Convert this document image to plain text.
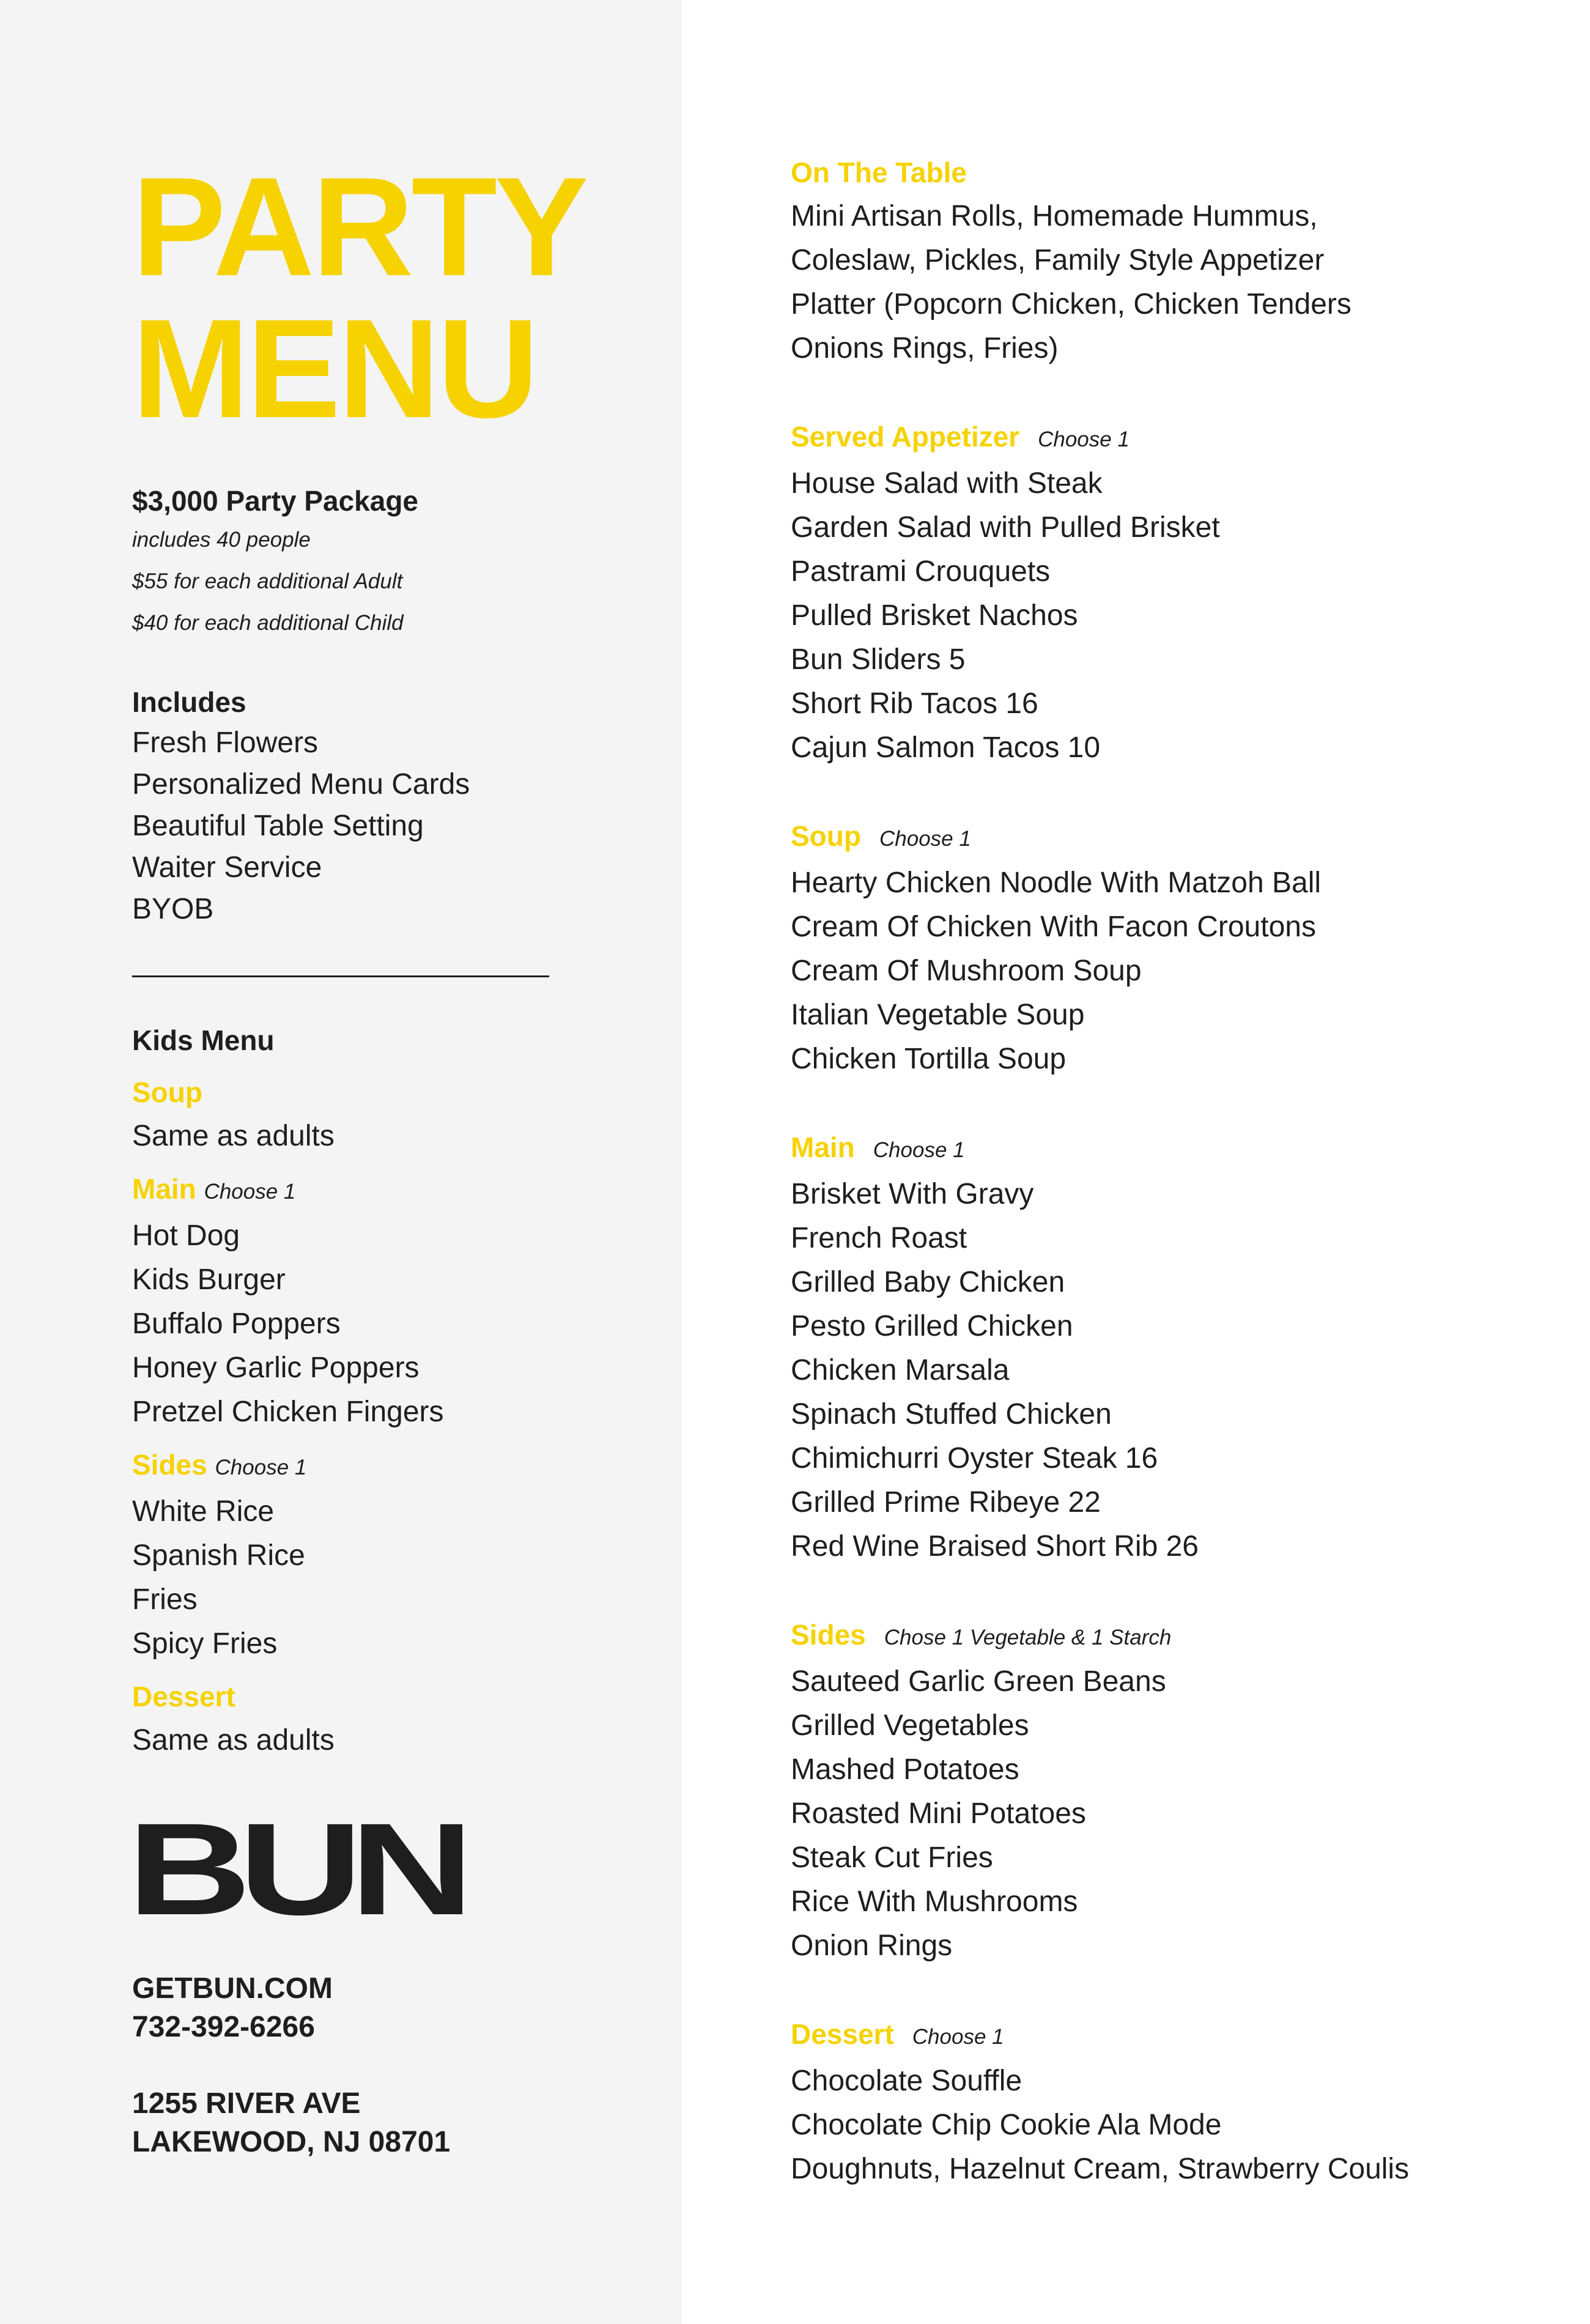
PARTY
MENU
$3,000 Party Package
includes 40 people
$55 for each additional Adult
$40 for each additional Child
Includes
Fresh Flowers
Personalized Menu Cards
Beautiful Table Setting
Waiter Service
BYOB
Kids Menu
Soup
Same as adults
Main Choose 1
Hot Dog
Kids Burger
Buffalo Poppers
Honey Garlic Poppers
Pretzel Chicken Fingers
Sides Choose 1
White Rice
Spanish Rice
Fries
Spicy Fries
Dessert
Same as adults
BUN
GETBUN.COM
732-392-6266
1255 RIVER AVE
LAKEWOOD, NJ 08701
On The Table
Mini Artisan Rolls, Homemade Hummus,
Coleslaw, Pickles, Family Style Appetizer
Platter (Popcorn Chicken, Chicken Tenders
Onions Rings, Fries)
Served Appetizer Choose 1
House Salad with Steak
Garden Salad with Pulled Brisket
Pastrami Crouquets
Pulled Brisket Nachos
Bun Sliders 5
Short Rib Tacos 16
Cajun Salmon Tacos 10
Soup Choose 1
Hearty Chicken Noodle With Matzoh Ball
Cream Of Chicken With Facon Croutons
Cream Of Mushroom Soup
Italian Vegetable Soup
Chicken Tortilla Soup
Main Choose 1
Brisket With Gravy
French Roast
Grilled Baby Chicken
Pesto Grilled Chicken
Chicken Marsala
Spinach Stuffed Chicken
Chimichurri Oyster Steak 16
Grilled Prime Ribeye 22
Red Wine Braised Short Rib 26
Sides Chose 1 Vegetable & 1 Starch
Sauteed Garlic Green Beans
Grilled Vegetables
Mashed Potatoes
Roasted Mini Potatoes
Steak Cut Fries
Rice With Mushrooms
Onion Rings
Dessert Choose 1
Chocolate Souffle
Chocolate Chip Cookie Ala Mode
Doughnuts, Hazelnut Cream, Strawberry Coulis
